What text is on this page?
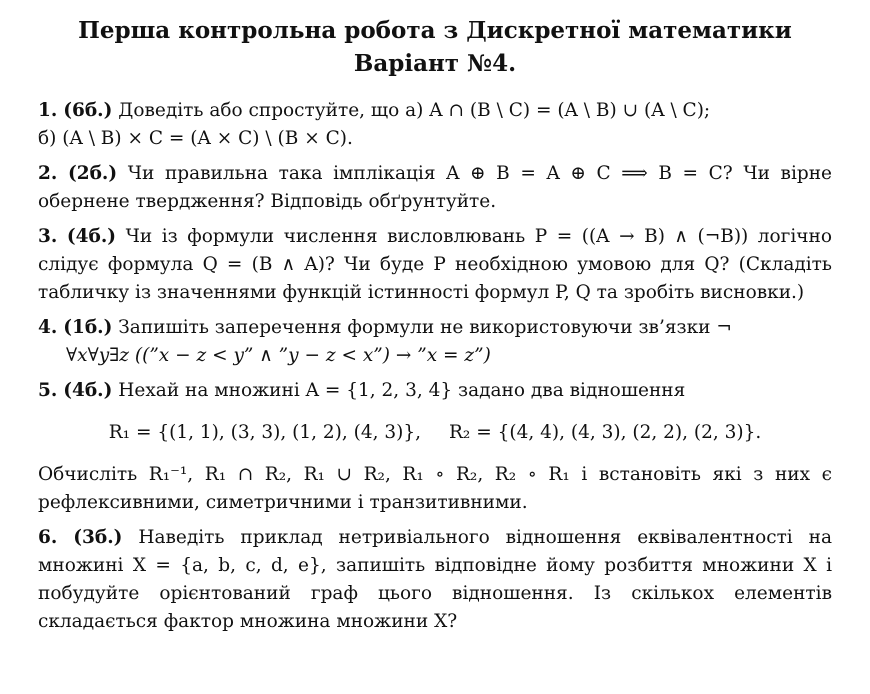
Перша контрольна робота з Дискретної математики
Варіант №4.
1. (6б.) Доведіть або спростуйте, що а) A ∩ (B \ C) = (A \ B) ∪ (A \ C);
б) (A \ B) × C = (A × C) \ (B × C).
2. (2б.) Чи правильна така імплікація A ⊕ B = A ⊕ C ⟹ B = C? Чи вірне обернене твердження? Відповідь обґрунтуйте.
3. (4б.) Чи із формули числення висловлювань P = ((A → B) ∧ (¬B)) логічно слідує формула Q = (B ∧ A)? Чи буде P необхідною умовою для Q? (Складіть табличку із значеннями функцій істинності формул P, Q та зробіть висновки.)
4. (1б.) Запишіть заперечення формули не використовуючи зв’язки ¬
∀x∀y∃z ((”x − z < y” ∧ ”y − z < x”) → ”x = z”)
5. (4б.) Нехай на множині A = {1, 2, 3, 4} задано два відношення
R₁ = {(1, 1), (3, 3), (1, 2), (4, 3)}, R₂ = {(4, 4), (4, 3), (2, 2), (2, 3)}.
Обчисліть R₁⁻¹, R₁ ∩ R₂, R₁ ∪ R₂, R₁ ∘ R₂, R₂ ∘ R₁ і встановіть які з них є рефлексивними, симетричними і транзитивними.
6. (3б.) Наведіть приклад нетривіального відношення еквівалентності на множині X = {a, b, c, d, e}, запишіть відповідне йому розбиття множини X і побудуйте орієнтований граф цього відношення. Із скількох елементів складається фактор множина множини X?
